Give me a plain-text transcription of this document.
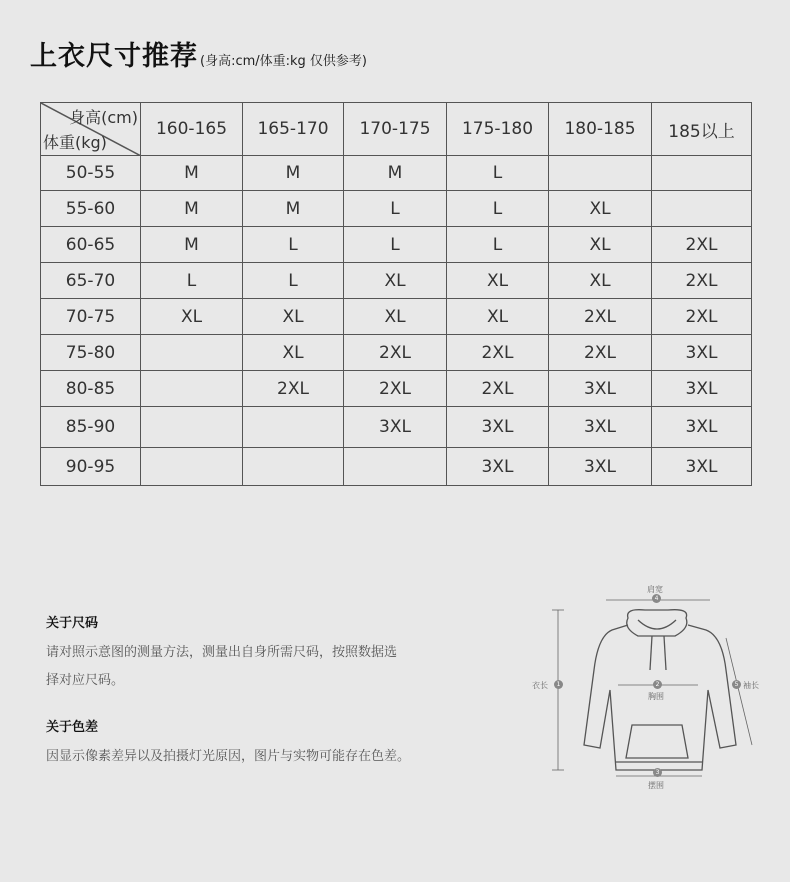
上衣尺寸推荐 (身高:cm/体重:kg 仅供参考)
身高(cm)
体重(kg)	160-165	165-170	170-175	175-180	180-185	185以上
50-55	M	M	M	L		
55-60	M	M	L	L	XL	
60-65	M	L	L	L	XL	2XL
65-70	L	L	XL	XL	XL	2XL
70-75	XL	XL	XL	XL	2XL	2XL
75-80		XL	2XL	2XL	2XL	3XL
80-85		2XL	2XL	2XL	3XL	3XL
85-90			3XL	3XL	3XL	3XL
90-95				3XL	3XL	3XL
关于尺码
请对照示意图的测量方法，测量出自身所需尺码，按照数据选
择对应尺码。
关于色差
因显示像素差异以及拍摄灯光原因，图片与实物可能存在色差。
肩宽
4
衣长	1	2
胸围
5 袖长
3
摆围
